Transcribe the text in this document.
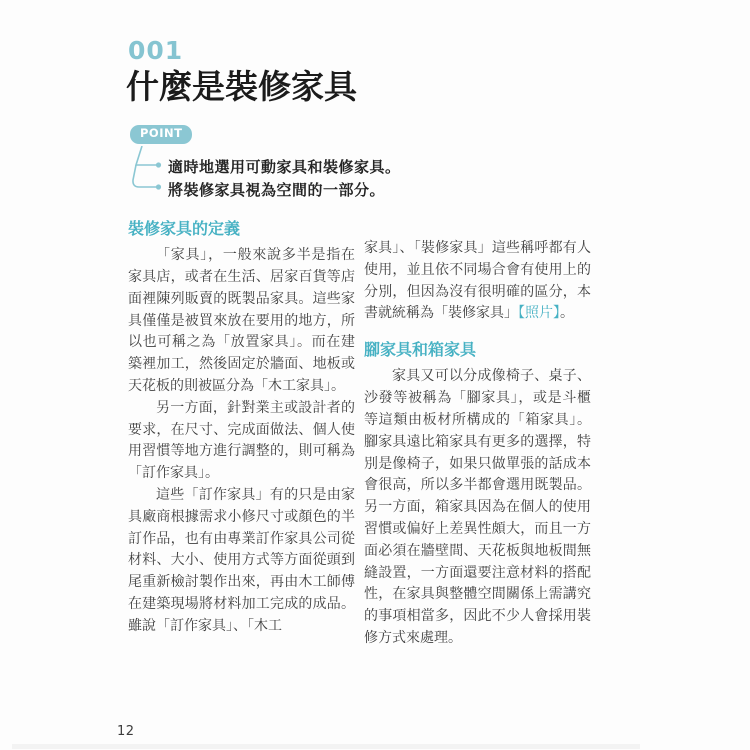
001
什麼是裝修家具
POINT
適時地選用可動家具和裝修家具。
將裝修家具視為空間的一部分。
裝修家具的定義

「家具」，一般來說多半是指在家具店，或者在生活、居家百貨等店面裡陳列販賣的既製品家具。這些家具僅僅是被買來放在要用的地方，所以也可稱之為「放置家具」。而在建築裡加工，然後固定於牆面、地板或天花板的則被區分為「木工家具」。

另一方面，針對業主或設計者的要求，在尺寸、完成面做法、個人使用習慣等地方進行調整的，則可稱為「訂作家具」。

這些「訂作家具」有的只是由家具廠商根據需求小修尺寸或顏色的半訂作品，也有由專業訂作家具公司從材料、大小、使用方式等方面從頭到尾重新檢討製作出來，再由木工師傅在建築現場將材料加工完成的成品。雖說「訂作家具」、「木工

家具」、「裝修家具」這些稱呼都有人使用，並且依不同場合會有使用上的分別，但因為沒有很明確的區分，本書就統稱為「裝修家具」【照片】。

腳家具和箱家具

家具又可以分成像椅子、桌子、沙發等被稱為「腳家具」，或是斗櫃等這類由板材所構成的「箱家具」。腳家具遠比箱家具有更多的選擇，特別是像椅子，如果只做單張的話成本會很高，所以多半都會選用既製品。另一方面，箱家具因為在個人的使用習慣或偏好上差異性頗大，而且一方面必須在牆壁間、天花板與地板間無縫設置，一方面還要注意材料的搭配性，在家具與整體空間關係上需講究的事項相當多，因此不少人會採用裝修方式來處理。

12
